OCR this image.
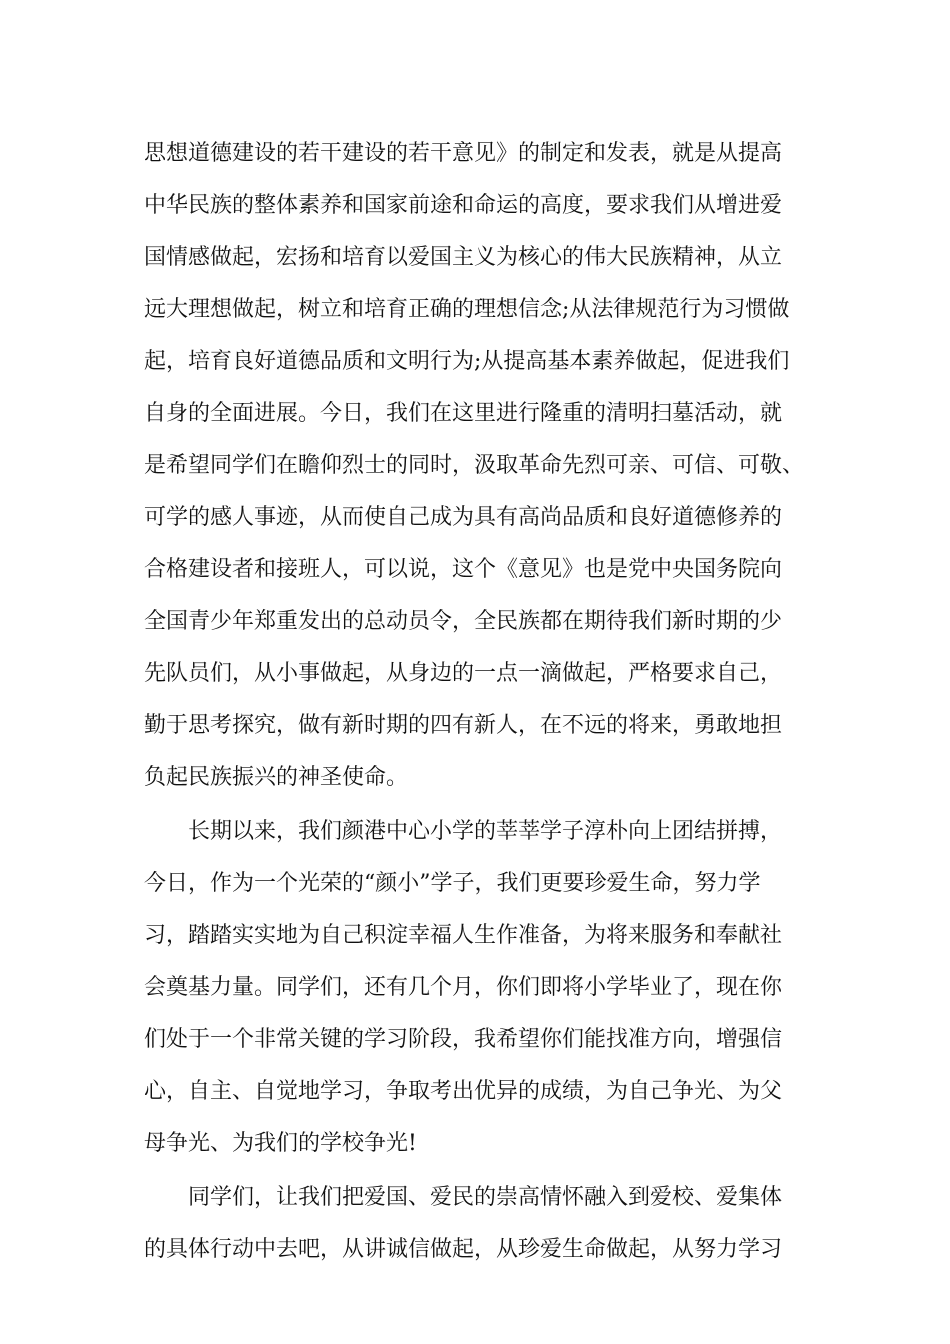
思想道德建设的若干建设的若干意见》的制定和发表，就是从提高

中华民族的整体素养和国家前途和命运的高度，要求我们从增进爱

国情感做起，宏扬和培育以爱国主义为核心的伟大民族精神，从立

远大理想做起，树立和培育正确的理想信念;从法律规范行为习惯做

起，培育良好道德品质和文明行为;从提高基本素养做起，促进我们

自身的全面进展。今日，我们在这里进行隆重的清明扫墓活动，就

是希望同学们在瞻仰烈士的同时，汲取革命先烈可亲、可信、可敬、

可学的感人事迹，从而使自己成为具有高尚品质和良好道德修养的

合格建设者和接班人，可以说，这个《意见》也是党中央国务院向

全国青少年郑重发出的总动员令，全民族都在期待我们新时期的少

先队员们，从小事做起，从身边的一点一滴做起，严格要求自己，

勤于思考探究，做有新时期的四有新人，在不远的将来，勇敢地担

负起民族振兴的神圣使命。

　　长期以来，我们颜港中心小学的莘莘学子淳朴向上团结拼搏，

今日，作为一个光荣的“颜小”学子，我们更要珍爱生命，努力学

习，踏踏实实地为自己积淀幸福人生作准备，为将来服务和奉献社

会奠基力量。同学们，还有几个月，你们即将小学毕业了，现在你

们处于一个非常关键的学习阶段，我希望你们能找准方向，增强信

心，自主、自觉地学习，争取考出优异的成绩，为自己争光、为父

母争光、为我们的学校争光!

　　同学们，让我们把爱国、爱民的崇高情怀融入到爱校、爱集体

的具体行动中去吧，从讲诚信做起，从珍爱生命做起，从努力学习
